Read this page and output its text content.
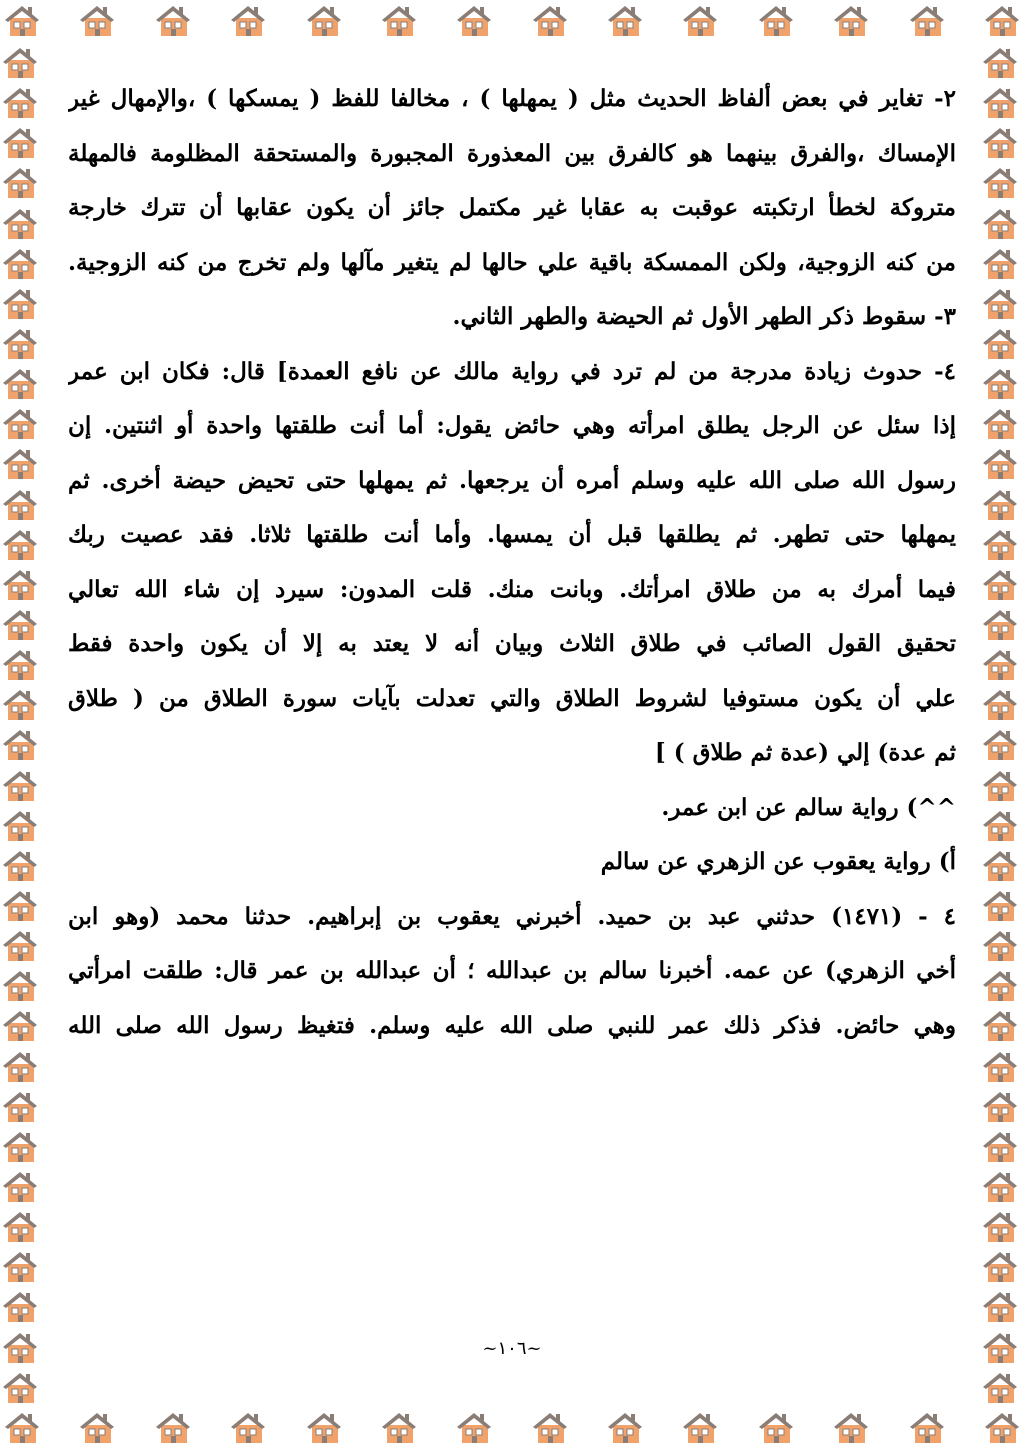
٢- تغاير في بعض ألفاظ الحديث مثل ( يمهلها ) ، مخالفا للفظ ( يمسكها ) ،والإمهال غير
الإمساك ،والفرق بينهما هو كالفرق بين المعذورة المجبورة والمستحقة المظلومة فالمهلة
متروكة لخطأ ارتكبته عوقبت به عقابا غير مكتمل جائز أن يكون عقابها أن تترك خارجة
من كنه الزوجية، ولكن الممسكة باقية علي حالها لم يتغير مآلها ولم تخرج من كنه الزوجية.
٣- سقوط ذكر الطهر الأول ثم الحيضة والطهر الثاني.
٤- حدوث زيادة مدرجة من لم ترد في رواية مالك عن نافع العمدة] قال: فكان ابن عمر
إذا سئل عن الرجل يطلق امرأته وهي حائض يقول: أما أنت طلقتها واحدة أو اثنتين. إن
رسول الله صلى الله عليه وسلم أمره أن يرجعها. ثم يمهلها حتى تحيض حيضة أخرى. ثم
يمهلها حتى تطهر. ثم يطلقها قبل أن يمسها. وأما أنت طلقتها ثلاثا. فقد عصيت ربك
فيما أمرك به من طلاق امرأتك. وبانت منك. قلت المدون: سيرد إن شاء الله تعالي
تحقيق القول الصائب في طلاق الثلاث وبيان أنه لا يعتد به إلا أن يكون واحدة فقط
علي أن يكون مستوفيا لشروط الطلاق والتي تعدلت بآيات سورة الطلاق من ( طلاق
ثم عدة) إلي (عدة ثم طلاق ) ]
^^) رواية سالم عن ابن عمر.
أ) رواية يعقوب عن الزهري عن سالم
٤ - (١٤٧١) حدثني عبد بن حميد. أخبرني يعقوب بن إبراهيم. حدثنا محمد (وهو ابن
أخي الزهري) عن عمه. أخبرنا سالم بن عبدالله ؛ أن عبدالله بن عمر قال: طلقت امرأتي
وهي حائض. فذكر ذلك عمر للنبي صلى الله عليه وسلم. فتغيظ رسول الله صلى الله
~١٠٦~
